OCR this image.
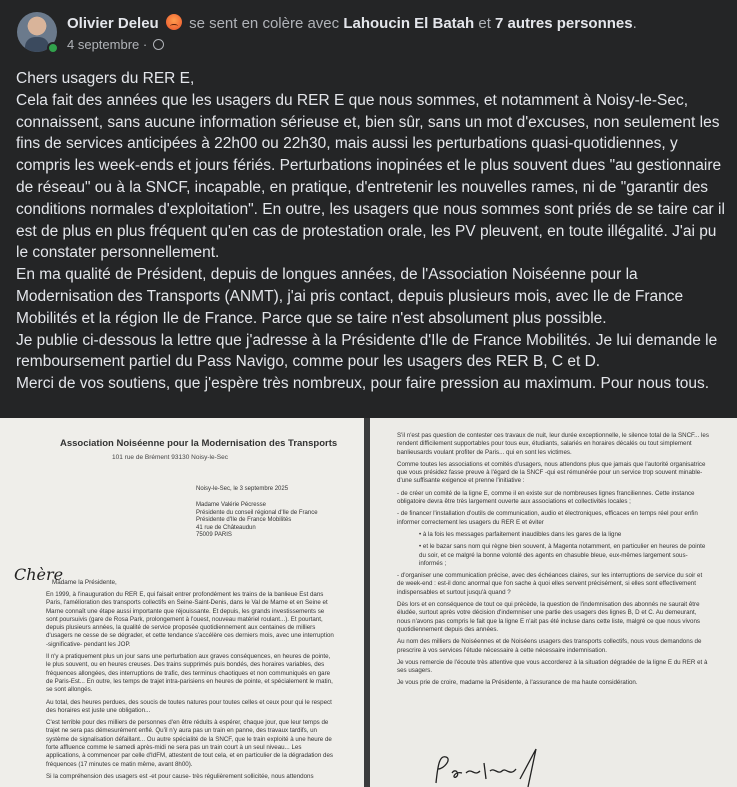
Olivier Deleu se sent en colère avec Lahoucin El Batah et 7 autres personnes.
4 septembre ·

Chers usagers du RER E,

Cela fait des années que les usagers du RER E que nous sommes, et notamment à Noisy-le-Sec, connaissent, sans aucune information sérieuse et, bien sûr, sans un mot d'excuses, non seulement les fins de services anticipées à 22h00 ou 22h30, mais aussi les perturbations quasi-quotidiennes, y compris les week-ends et jours fériés. Perturbations inopinées et le plus souvent dues "au gestionnaire de réseau" ou à la SNCF, incapable, en pratique, d'entretenir les nouvelles rames, ni de "garantir des conditions normales d'exploitation". En outre, les usagers que nous sommes sont priés de se taire car il est de plus en plus fréquent qu'en cas de protestation orale, les PV pleuvent, en toute illégalité. J'ai pu le constater personnellement.

En ma qualité de Président, depuis de longues années, de l'Association Noiséenne pour la Modernisation des Transports (ANMT), j'ai pris contact, depuis plusieurs mois, avec Ile de France Mobilités et la région Ile de France. Parce que se taire n'est absolument plus possible.

Je publie ci-dessous la lettre que j'adresse à la Présidente d'Ile de France Mobilités. Je lui demande le remboursement partiel du Pass Navigo, comme pour les usagers des RER B, C et D.

Merci de vos soutiens, que j'espère très nombreux, pour faire pression au maximum. Pour nous tous.

Association Noiséenne pour la Modernisation des Transports
101 rue de Brément 93130 Noisy-le-Sec
Noisy-le-Sec, le 3 septembre 2025
Madame Valérie Pécresse
Présidente du conseil régional d'Ile de France
Présidente d'Ile de France Mobilités
41 rue de Châteaudun
75009 PARIS
Chère
Madame la Présidente,
En 1999, à l'inauguration du RER E, qui faisait entrer profondément les trains de la banlieue Est dans Paris, l'amélioration des transports collectifs en Seine-Saint-Denis, dans le Val de Marne et en Seine et Marne connaît une étape aussi importante que réjouissante. Et depuis, les grands investissements se sont poursuivis (gare de Rosa Park, prolongement à l'ouest, nouveau matériel roulant...). Et pourtant, depuis plusieurs années, la qualité de service proposée quotidiennement aux centaines de milliers d'usagers ne cesse de se dégrader, et cette tendance s'accélère ces derniers mois, avec une interruption -significative- pendant les JOP.
Il n'y a pratiquement plus un jour sans une perturbation aux graves conséquences, en heures de pointe, le plus souvent, ou en heures creuses. Des trains supprimés puis bondés, des horaires variables, des fréquences allongées, des interruptions de trafic, des terminus chaotiques et non communiqués en gare de Paris-Est... En outre, les temps de trajet intra-parisiens en heures de pointe, et spécialement le matin, se sont allongés.
Au total, des heures perdues, des soucis de toutes natures pour toutes celles et ceux pour qui le respect des horaires est juste une obligation...
C'est terrible pour des milliers de personnes d'en être réduits à espérer, chaque jour, que leur temps de trajet ne sera pas démesurément enflé. Qu'il n'y aura pas un train en panne, des travaux tardifs, un système de signalisation défaillant... Ou autre spécialité de la SNCF, que le train exploité à une heure de forte affluence comme le samedi après-midi ne sera pas un train court à un seul niveau... Les applications, à commencer par celle d'IdFM, attestent de tout cela, et en particulier de la dégradation des fréquences (17 minutes ce matin même, avant 8h00).
Si la compréhension des usagers est -et pour cause- très régulièrement sollicitée, nous attendons
S'il n'est pas question de contester ces travaux de nuit, leur durée exceptionnelle, le silence total de la SNCF... les rendent difficilement supportables pour tous eux, étudiants, salariés en horaires décalés ou tout simplement banlieusards voulant profiter de Paris... qui en sont les victimes.
Comme toutes les associations et comités d'usagers, nous attendons plus que jamais que l'autorité organisatrice que vous présidez fasse preuve à l'égard de la SNCF -qui est rémunérée pour un service trop souvent minable- d'une suffisante exigence et prenne l'initiative :
- de créer un comité de la ligne E, comme il en existe sur de nombreuses lignes franciliennes. Cette instance obligatoire devra être très largement ouverte aux associations et collectivités locales ;
- de financer l'installation d'outils de communication, audio et électroniques, efficaces en temps réel pour enfin informer correctement les usagers du RER E et éviter
• à la fois les messages parfaitement inaudibles dans les gares de la ligne
• et le bazar sans nom qui règne bien souvent, à Magenta notamment, en particulier en heures de pointe du soir, et ce malgré la bonne volonté des agents en chasuble bleue, eux-mêmes largement sous-informés ;
- d'organiser une communication précise, avec des échéances claires, sur les interruptions de service du soir et de week-end : est-il donc anormal que l'on sache à quoi elles servent précisément, si elles sont effectivement indispensables et surtout jusqu'à quand ?
Dès lors et en conséquence de tout ce qui précède, la question de l'indemnisation des abonnés ne saurait être éludée, surtout après votre décision d'indemniser une partie des usagers des lignes B, D et C. Au demeurant, nous n'avons pas compris le fait que la ligne E n'ait pas été incluse dans cette liste, malgré ce que nous vivons quotidiennement depuis des années.
Au nom des milliers de Noiséennes et de Noiséens usagers des transports collectifs, nous vous demandons de prescrire à vos services l'étude nécessaire à cette nécessaire indemnisation.
Je vous remercie de l'écoute très attentive que vous accorderez à la situation dégradée de la ligne E du RER et à ses usagers.
Je vous prie de croire, madame la Présidente, à l'assurance de ma haute considération.
